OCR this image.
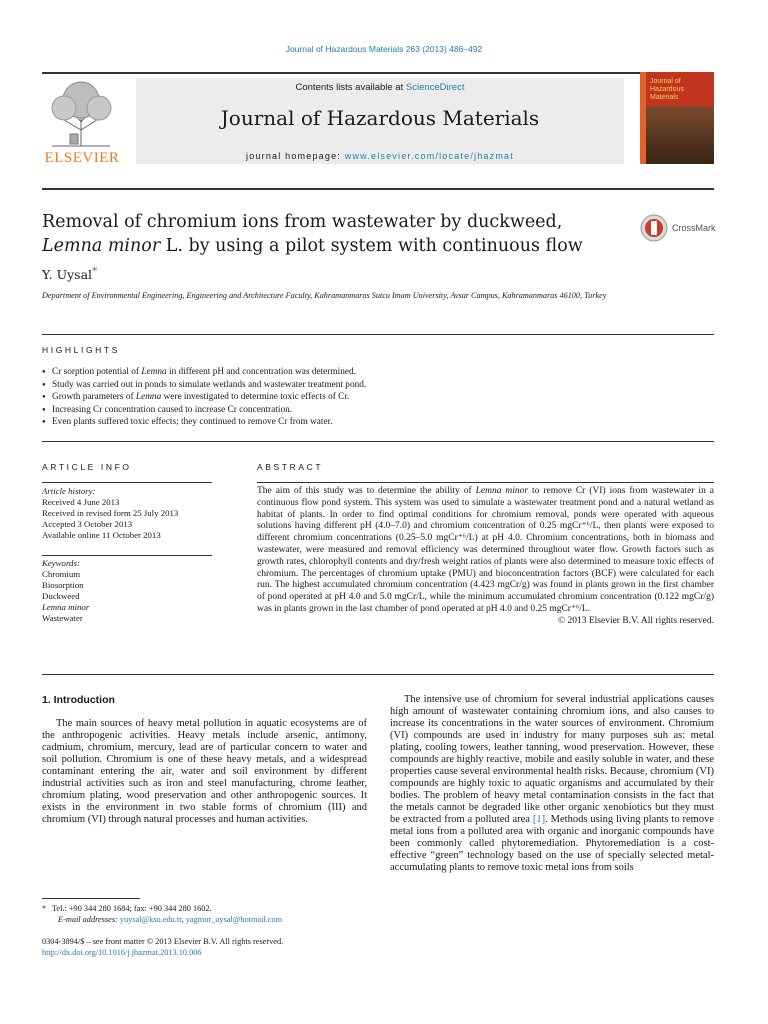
Journal of Hazardous Materials 263 (2013) 486–492
ELSEVIER
Contents lists available at ScienceDirect
Journal of Hazardous Materials
journal homepage: www.elsevier.com/locate/jhazmat
Journal of Hazardous Materials
Removal of chromium ions from wastewater by duckweed,
Lemna minor L. by using a pilot system with continuous flow
CrossMark
Y. Uysal*
Department of Environmental Engineering, Engineering and Architecture Faculty, Kahramanmaras Sutcu Imam University, Avsar Campus, Kahramanmaras 46100, Turkey
HIGHLIGHTS
● Cr sorption potential of Lemna in different pH and concentration was determined.
● Study was carried out in ponds to simulate wetlands and wastewater treatment pond.
● Growth parameters of Lemna were investigated to determine toxic effects of Cr.
● Increasing Cr concentration caused to increase Cr concentration.
● Even plants suffered toxic effects; they continued to remove Cr from water.
ARTICLE INFO
Article history:
Received 4 June 2013
Received in revised form 25 July 2013
Accepted 3 October 2013
Available online 11 October 2013
Keywords:
Chromium
Biosorption
Duckweed
Lemna minor
Wastewater
ABSTRACT
The aim of this study was to determine the ability of Lemna minor to remove Cr (VI) ions from wastewater in a continuous flow pond system. This system was used to simulate a wastewater treatment pond and a natural wetland as habitat of plants. In order to find optimal conditions for chromium removal, ponds were operated with aqueous solutions having different pH (4.0–7.0) and chromium concentration of 0.25 mgCr⁺⁶/L, then plants were exposed to different chromium concentrations (0.25–5.0 mgCr⁺⁶/L) at pH 4.0. Chromium concentrations, both in biomass and wastewater, were measured and removal efficiency was determined throughout water flow. Growth factors such as growth rates, chlorophyll contents and dry/fresh weight ratios of plants were also determined to measure toxic effects of chromium. The percentages of chromium uptake (PMU) and bioconcentration factors (BCF) were calculated for each run. The highest accumulated chromium concentration (4.423 mgCr/g) was found in plants grown in the first chamber of pond operated at pH 4.0 and 5.0 mgCr/L, while the minimum accumulated chromium concentration (0.122 mgCr/g) was in plants grown in the last chamber of pond operated at pH 4.0 and 0.25 mgCr⁺⁶/L.
© 2013 Elsevier B.V. All rights reserved.
1. Introduction
The main sources of heavy metal pollution in aquatic ecosystems are of the anthropogenic activities. Heavy metals include arsenic, antimony, cadmium, chromium, mercury, lead are of particular concern to water and soil pollution. Chromium is one of these heavy metals, and a widespread contaminant entering the air, water and soil environment by different industrial activities such as iron and steel manufacturing, chrome leather, chromium plating, wood preservation and other anthropogenic sources. It exists in the environment in two stable forms of chromium (III) and chromium (VI) through natural processes and human activities.
The intensive use of chromium for several industrial applications causes high amount of wastewater containing chromium ions, and also causes to increase its concentrations in the water sources of environment. Chromium (VI) compounds are used in industry for many purposes suh as: metal plating, cooling towers, leather tanning, wood preservation. However, these compounds are highly reactive, mobile and easily soluble in water, and these properties cause several environmental health risks. Because, chromium (VI) compounds are highly toxic to aquatic organisms and accumulated by their bodies. The problem of heavy metal contamination consists in the fact that the metals cannot be degraded like other organic xenobiotics but they must be extracted from a polluted area [1]. Methods using living plants to remove metal ions from a polluted area with organic and inorganic compounds have been commonly called phytoremediation. Phytoremediation is a cost-effective “green” technology based on the use of specially selected metal-accumulating plants to remove toxic metal ions from soils
* Tel.: +90 344 280 1684; fax: +90 344 280 1602.
E-mail addresses: yuysal@ksu.edu.tr, yagmur_uysal@hotmail.com
0304-3894/$ – see front matter © 2013 Elsevier B.V. All rights reserved.
http://dx.doi.org/10.1016/j.jhazmat.2013.10.006
